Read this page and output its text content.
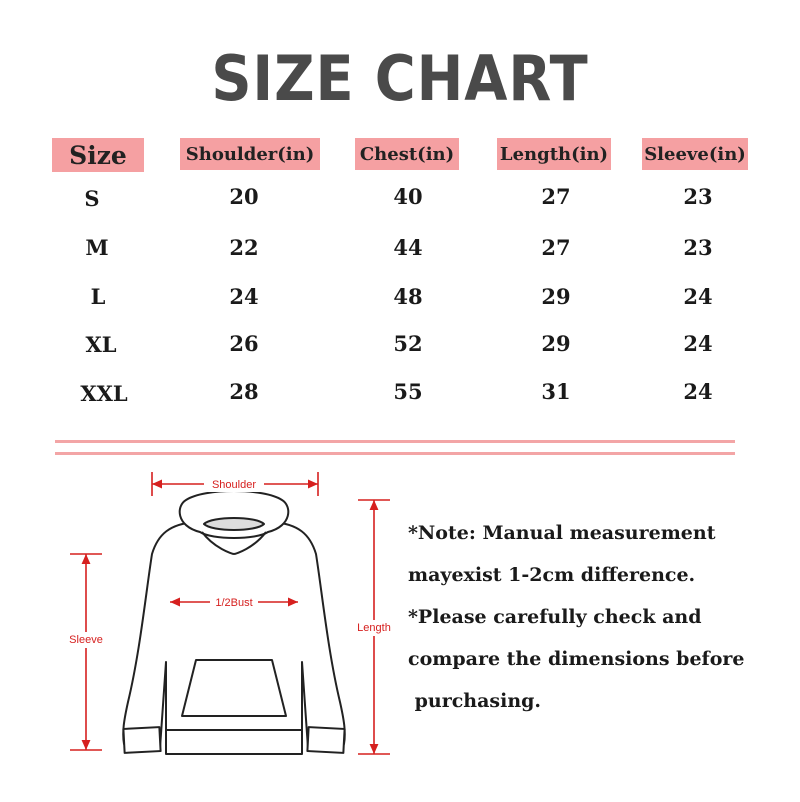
SIZE CHART
Size	Shoulder(in)	Chest(in)	Length(in) Sleeve(in)
S	20	40	27	23
M	22	44	27	23
L	24	48	29	24
XL	26	52	29	24
XXL	28	55	31	24
Shoulder
1/2Bust
Sleeve
Length

*Note: Manual measurement

mayexist 1-2cm difference.

*Please carefully check and

compare the dimensions before

purchasing.
